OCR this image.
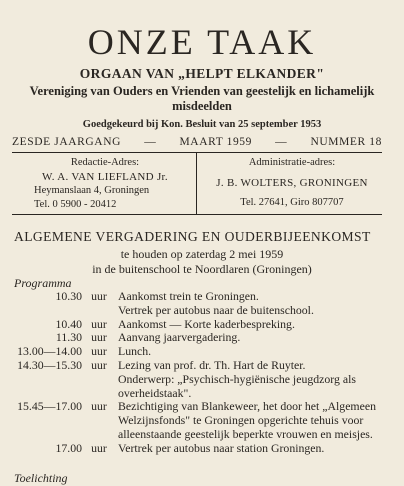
ONZE TAAK
ORGAAN VAN „HELPT ELKANDER"
Vereniging van Ouders en Vrienden van geestelijk en lichamelijk misdeelden
Goedgekeurd bij Kon. Besluit van 25 september 1953
ZESDE JAARGANG — MAART 1959 — NUMMER 18
Redactie-Adres:
W. A. VAN LIEFLAND Jr.
Heymanslaan 4, Groningen
Tel. 0 5900 - 20412
Administratie-adres:
J. B. WOLTERS, GRONINGEN
Tel. 27641, Giro 807707
ALGEMENE VERGADERING EN OUDERBIJEENKOMST
te houden op zaterdag 2 mei 1959
in de buitenschool te Noordlaren (Groningen)
Programma
10.30 uur Aankomst trein te Groningen.
Vertrek per autobus naar de buitenschool.
10.40 uur Aankomst — Korte kaderbespreking.
11.30 uur Aanvang jaarvergadering.
13.00—14.00 uur Lunch.
14.30—15.30 uur Lezing van prof. dr. Th. Hart de Ruyter.
Onderwerp: „Psychisch-hygiënische jeugdzorg als overheidstaak".
15.45—17.00 uur Bezichtiging van Blankeweer, het door het „Algemeen Welzijnsfonds" te Groningen opgerichte tehuis voor alleenstaande geestelijk beperkte vrouwen en meisjes.
17.00 uur Vertrek per autobus naar station Groningen.
Toelichting
